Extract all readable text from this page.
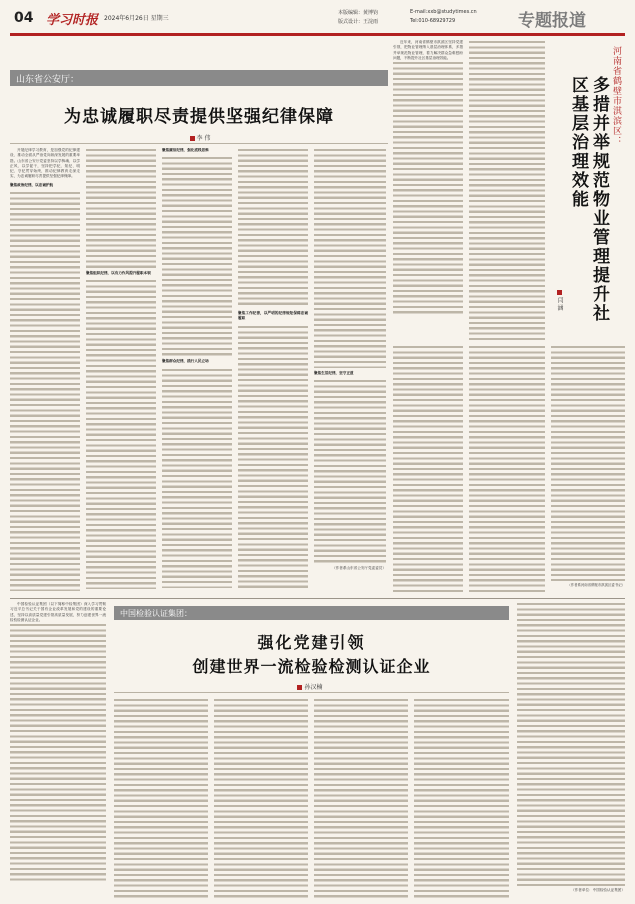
04 学习时报 2024年6月26日 星期三
本版编辑：黄博钧
版式设计：王淀雨
E-mail:xxb@studytimes.cn
Tel:010-68929729	专题报道
山东省公安厅：
为忠诚履职尽责提供坚强纪律保障
李 伟
开展纪律学习教育，是加强党的纪律建设、推动全面从严治党向纵深发展的重要举措。山东省公安厅党委坚持以学铸魂、以学正风、以学促干，坚持把学纪、知纪、明纪、守纪贯穿始终，推动纪律教育走深走实，为忠诚履职尽责提供坚强纪律保障。
聚焦政治纪律，以忠诚护航
聚焦组织纪律，以有力作风提升履职本领
聚焦廉洁纪律，强化底线思维
聚焦群众纪律，践行人民立场
聚焦工作纪律，以严明的纪律规矩保障忠诚履职
聚焦生活纪律，坚守正道
（作者系山东省公安厅党委委员）
近年来，河南省鹤壁市淇滨区坚持党建引领，把物业管理纳入基层治理体系，多措并举规范物业管理，着力解决群众急难愁盼问题，不断提升社区基层治理效能。	河南省鹤壁市淇滨区：
多措并举规范物业管理提升社区基层治理效能
闫 涵
（作者系河南省鹤壁市淇滨区委书记）
中国检验认证集团（以下简称中检集团）深入学习贯彻习近平总书记关于国有企业改革发展和党的建设的重要论述，坚持以高质量党建引领高质量发展，努力创建世界一流检验检测认证企业。
中国检验认证集团：
强化党建引领
创建世界一流检验检测认证企业
孙汉楠
（作者单位：中国检验认证集团）
